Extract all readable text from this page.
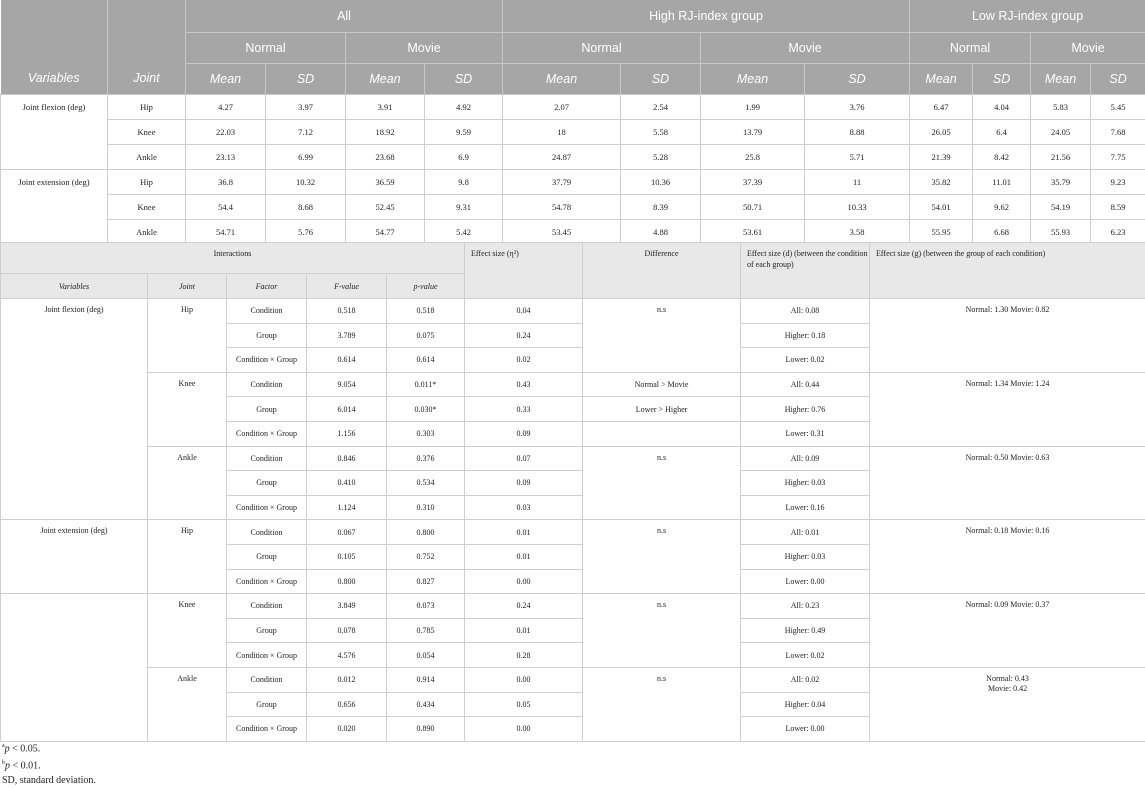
		All				High RJ-index group				Low RJ-index group			
		Normal		Movie		Normal		Movie		Normal		Movie	
Variables	Joint	Mean	SD	Mean	SD	Mean	SD	Mean	SD	Mean	SD	Mean	SD
Joint flexion (deg)	Hip	4.27	3.97	3.91	4.92	2.07	2.54	1.99	3.76	6.47	4.04	5.83	5.45
	Knee	22.03	7.12	18.92	9.59	18	5.58	13.79	8.88	26.05	6.4	24.05	7.68
	Ankle	23.13	6.99	23.68	6.9	24.87	5.28	25.8	5.71	21.39	8.42	21.56	7.75
Joint extension (deg)	Hip	36.8	10.32	36.59	9.8	37.79	10.36	37.39	11	35.82	11.01	35.79	9.23
	Knee	54.4	8.68	52.45	9.31	54.78	8.39	50.71	10.33	54.01	9.62	54.19	8.59
	Ankle	54.71	5.76	54.77	5.42	53.45	4.88	53.61	3.58	55.95	6.68	55.93	6.23
Interactions					Effect size (η²)	Difference	Effect size (d) (between the condition of each group)	Effect size (g) (between the group of each condition)
Variables	Joint	Factor	F-value	p-value				
Joint flexion (deg)	Hip	Condition	0.518	0.518	0.04	n.s	All: 0.08	Normal: 1.30 Movie: 0.82

		Group	3.789	0.075	0.24		Higher: 0.18	
		Condition × Group	0.614	0.614	0.02		Lower: 0.02	
	Knee	Condition	9.054	0.011*	0.43	Normal > Movie	All: 0.44	Normal: 1.34 Movie: 1.24

		Group	6.014	0.030*	0.33	Lower > Higher	Higher: 0.76	
		Condition × Group	1.156	0.303	0.09		Lower: 0.31	
	Ankle	Condition	0.846	0.376	0.07	n.s	All: 0.09	Normal: 0.50 Movie: 0.63

		Group	0.410	0.534	0.09		Higher: 0.03	
		Condition × Group	1.124	0.310	0.03		Lower: 0.16	
Joint extension (deg)	Hip	Condition	0.067	0.800	0.01	n.s	All: 0.01	Normal: 0.18 Movie: 0.16

		Group	0.105	0.752	0.01		Higher: 0.03	
		Condition × Group	0.800	0.827	0.00		Lower: 0.00	
	Knee	Condition	3.849	0.073	0.24	n.s	All: 0.23	Normal: 0.09 Movie: 0.37

		Group	0.078	0.785	0.01		Higher: 0.49	
		Condition × Group	4.576	0.054	0.28		Lower: 0.02	
	Ankle	Condition	0.012	0.914	0.00	n.s	All: 0.02	Normal: 0.43
Movie: 0.42

		Group	0.656	0.434	0.05		Higher: 0.04	
		Condition × Group	0.020	0.890	0.00		Lower: 0.00	
$^a$p < 0.05.
$^b$p < 0.01.
SD, standard deviation.
